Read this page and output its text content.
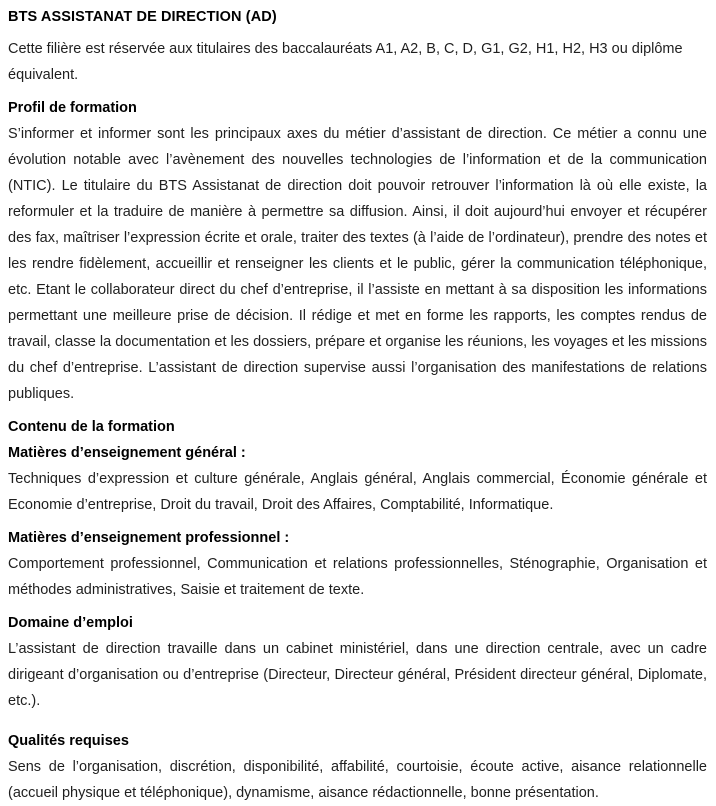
BTS ASSISTANAT DE DIRECTION (AD)

Cette filière est réservée aux titulaires des baccalauréats A1, A2, B, C, D, G1, G2, H1, H2, H3 ou diplôme équivalent.

Profil de formation

S’informer et informer sont les principaux axes du métier d’assistant de direction. Ce métier a connu une évolution notable avec l’avènement des nouvelles technologies de l’information et de la communication (NTIC). Le titulaire du BTS Assistanat de direction doit pouvoir retrouver l’information là où elle existe, la reformuler et la traduire de manière à permettre sa diffusion. Ainsi, il doit aujourd’hui envoyer et récupérer des fax, maîtriser l’expression écrite et orale, traiter des textes (à l’aide de l’ordinateur), prendre des notes et les rendre fidèlement, accueillir et renseigner les clients et le public, gérer la communication téléphonique, etc. Etant le collaborateur direct du chef d’entreprise, il l’assiste en mettant à sa disposition les informations permettant une meilleure prise de décision. Il rédige et met en forme les rapports, les comptes rendus de travail, classe la documentation et les dossiers, prépare et organise les réunions, les voyages et les missions du chef d’entreprise. L’assistant de direction supervise aussi l’organisation des manifestations de relations publiques.

Contenu de la formation
Matières d’enseignement général :

Techniques d’expression et culture générale, Anglais général, Anglais commercial, Économie générale et Economie d’entreprise, Droit du travail, Droit des Affaires, Comptabilité, Informatique.

Matières d’enseignement professionnel :

Comportement professionnel, Communication et relations professionnelles, Sténographie, Organisation et méthodes administratives, Saisie et traitement de texte.

Domaine d’emploi

L’assistant de direction travaille dans un cabinet ministériel, dans une direction centrale, avec un cadre dirigeant d’organisation ou d’entreprise (Directeur, Directeur général, Président directeur général, Diplomate, etc.).

Qualités requises

Sens de l’organisation, discrétion, disponibilité, affabilité, courtoisie, écoute active, aisance relationnelle (accueil physique et téléphonique), dynamisme, aisance rédactionnelle, bonne présentation.
